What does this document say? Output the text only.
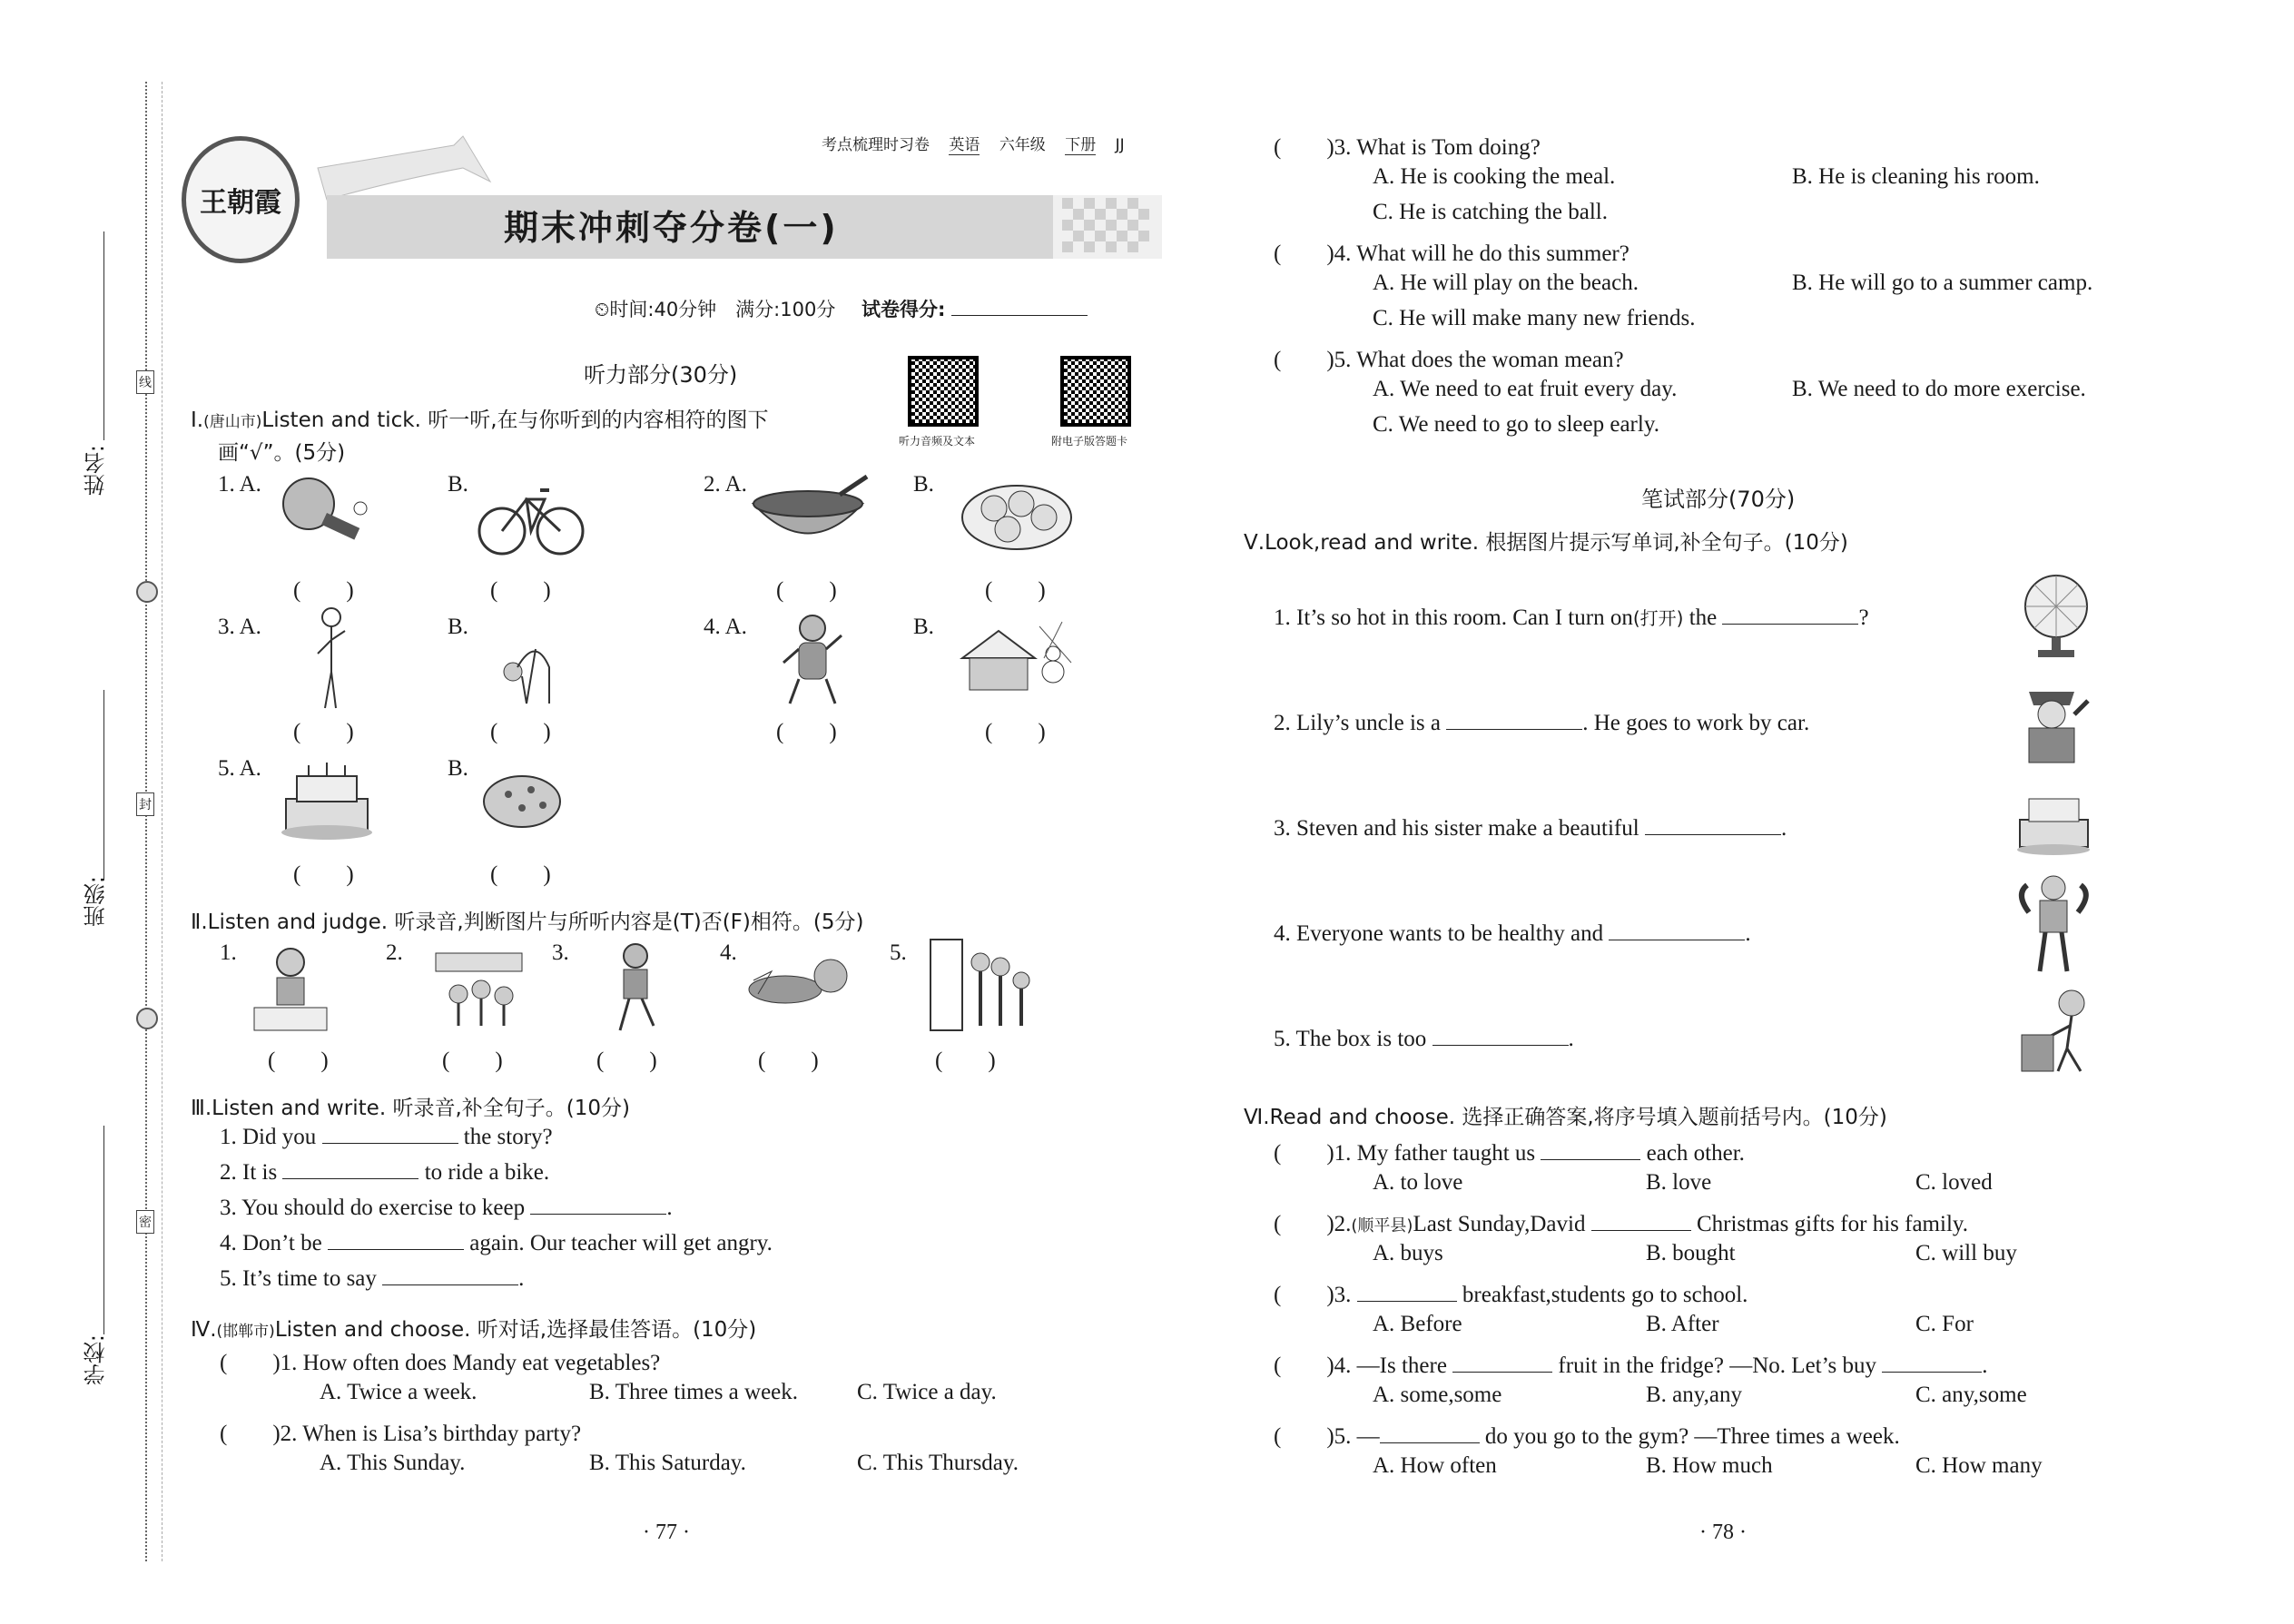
姓名:
班级:
学校:
线
封
密
王朝霞
期末冲刺夺分卷(一)
考点梳理时习卷 英语 六年级 下册 JJ
⏲时间:40分钟　满分:100分 试卷得分:
听力部分(30分)
听力音频及文本	附电子版答题卡
Ⅰ.(唐山市)Listen and tick. 听一听,在与你听到的内容相符的图下
画“√”。(5分)
1. A.	B.	2. A.	B.
3. A.	B.	4. A.	B.
5. A.	B.
(　　)	(　　)	(　　)	(　　)
(　　)	(　　)	(　　)	(　　)
(　　)	(　　)
Ⅱ.Listen and judge. 听录音,判断图片与所听内容是(T)否(F)相符。(5分)
1.	2.	3.	4.	5.
(　　)	(　　)	(　　)	(　　)	(　　)
Ⅲ.Listen and write. 听录音,补全句子。(10分)
1. Did you	the story?
2. It is	to ride a bike.
3. You should do exercise to keep	.
4. Don’t be	again. Our teacher will get angry.
5. It’s time to say	.
Ⅳ.(邯郸市)Listen and choose. 听对话,选择最佳答语。(10分)
(　　)1. How often does Mandy eat vegetables?
A. Twice a week.	B. Three times a week.	C. Twice a day.
(　　)2. When is Lisa’s birthday party?
A. This Sunday.	B. This Saturday.	C. This Thursday.
· 77 ·
(　　)3. What is Tom doing?
A. He is cooking the meal.	B. He is cleaning his room.
C. He is catching the ball.
(　　)4. What will he do this summer?
A. He will play on the beach.	B. He will go to a summer camp.
C. He will make many new friends.
(　　)5. What does the woman mean?
A. We need to eat fruit every day.	B. We need to do more exercise.
C. We need to go to sleep early.
笔试部分(70分)
Ⅴ.Look,read and write. 根据图片提示写单词,补全句子。(10分)
1. It’s so hot in this room. Can I turn on(打开) the	?
2. Lily’s uncle is a	. He goes to work by car.
3. Steven and his sister make a beautiful	.
4. Everyone wants to be healthy and	.
5. The box is too	.
Ⅵ.Read and choose. 选择正确答案,将序号填入题前括号内。(10分)
(　　)1. My father taught us	each other.
A. to love	B. love	C. loved
(　　)2.(顺平县)Last Sunday,David	Christmas gifts for his family.
A. buys	B. bought	C. will buy
(　　)3.	breakfast,students go to school.
A. Before	B. After	C. For
(　　)4. —Is there	fruit in the fridge? —No. Let’s buy	.
A. some,some	B. any,any	C. any,some
(　　)5. —	do you go to the gym? —Three times a week.
A. How often	B. How much	C. How many
· 78 ·
